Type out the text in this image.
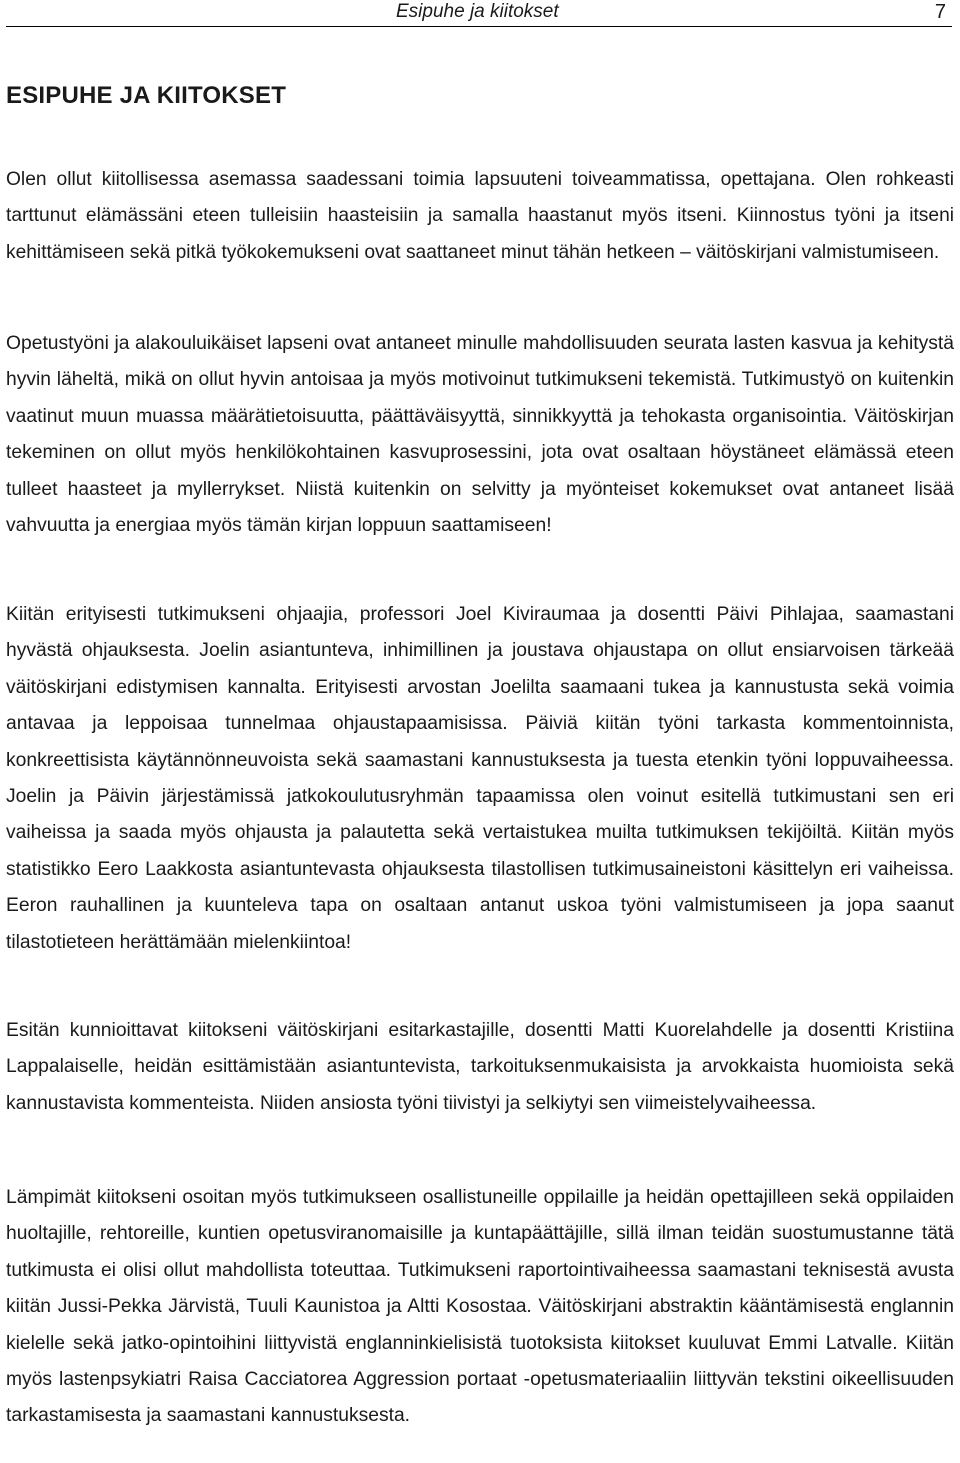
Esipuhe ja kiitokset	7
ESIPUHE JA KIITOKSET

Olen ollut kiitollisessa asemassa saadessani toimia lapsuuteni toiveammatissa, opettajana. Olen rohkeasti tarttunut elämässäni eteen tulleisiin haasteisiin ja samalla haastanut myös itseni. Kiinnostus työni ja itseni kehittämiseen sekä pitkä työkokemukseni ovat saattaneet minut tähän hetkeen – väitöskirjani valmistumiseen.

Opetustyöni ja alakouluikäiset lapseni ovat antaneet minulle mahdollisuuden seurata lasten kasvua ja kehitystä hyvin läheltä, mikä on ollut hyvin antoisaa ja myös motivoinut tutkimukseni tekemistä. Tutkimustyö on kuitenkin vaatinut muun muassa määrätietoisuutta, päättäväisyyttä, sinnikkyyttä ja tehokasta organisointia. Väitöskirjan tekeminen on ollut myös henkilökohtainen kasvuprosessini, jota ovat osaltaan höystäneet elämässä eteen tulleet haasteet ja myllerrykset. Niistä kuitenkin on selvitty ja myönteiset kokemukset ovat antaneet lisää vahvuutta ja energiaa myös tämän kirjan loppuun saattamiseen!

Kiitän erityisesti tutkimukseni ohjaajia, professori Joel Kiviraumaa ja dosentti Päivi Pihlajaa, saamastani hyvästä ohjauksesta. Joelin asiantunteva, inhimillinen ja joustava ohjaustapa on ollut ensiarvoisen tärkeää väitöskirjani edistymisen kannalta. Erityisesti arvostan Joelilta saamaani tukea ja kannustusta sekä voimia antavaa ja leppoisaa tunnelmaa ohjaustapaamisissa. Päiviä kiitän työni tarkasta kommentoinnista, konkreettisista käytännönneuvoista sekä saamastani kannustuksesta ja tuesta etenkin työni loppuvaiheessa. Joelin ja Päivin järjestämissä jatkokoulutusryhmän tapaamissa olen voinut esitellä tutkimustani sen eri vaiheissa ja saada myös ohjausta ja palautetta sekä vertaistukea muilta tutkimuksen tekijöiltä. Kiitän myös statistikko Eero Laakkosta asiantuntevasta ohjauksesta tilastollisen tutkimusaineistoni käsittelyn eri vaiheissa. Eeron rauhallinen ja kuunteleva tapa on osaltaan antanut uskoa työni valmistumiseen ja jopa saanut tilastotieteen herättämään mielenkiintoa!

Esitän kunnioittavat kiitokseni väitöskirjani esitarkastajille, dosentti Matti Kuorelahdelle ja dosentti Kristiina Lappalaiselle, heidän esittämistään asiantuntevista, tarkoituksenmukaisista ja arvokkaista huomioista sekä kannustavista kommenteista. Niiden ansiosta työni tiivistyi ja selkiytyi sen viimeistelyvaiheessa.

Lämpimät kiitokseni osoitan myös tutkimukseen osallistuneille oppilaille ja heidän opettajilleen sekä oppilaiden huoltajille, rehtoreille, kuntien opetusviranomaisille ja kuntapäättäjille, sillä ilman teidän suostumustanne tätä tutkimusta ei olisi ollut mahdollista toteuttaa. Tutkimukseni raportointivaiheessa saamastani teknisestä avusta kiitän Jussi-Pekka Järvistä, Tuuli Kaunistoa ja Altti Kosostaa. Väitöskirjani abstraktin kääntämisestä englannin kielelle sekä jatko-opintoihini liittyvistä englanninkielisistä tuotoksista kiitokset kuuluvat Emmi Latvalle. Kiitän myös lastenpsykiatri Raisa Cacciatorea Aggression portaat -opetusmateriaaliin liittyvän tekstini oikeellisuuden tarkastamisesta ja saamastani kannustuksesta.
